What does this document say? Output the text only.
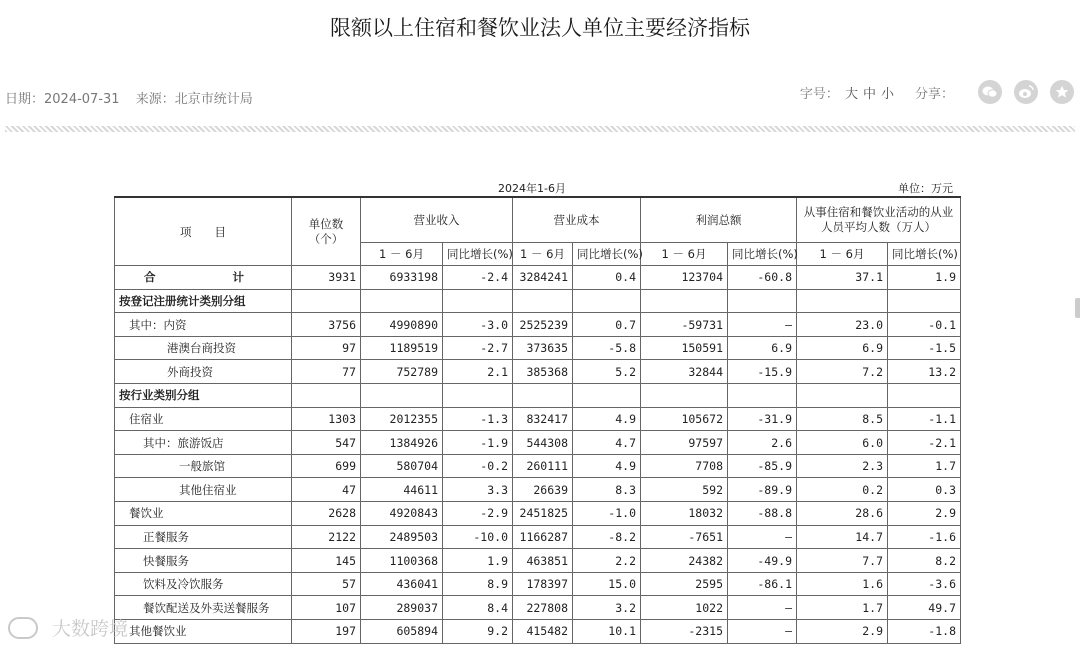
限额以上住宿和餐饮业法人单位主要经济指标
日期：2024-07-31 来源：北京市统计局	字号： 大 中 小 分享：
2024年1-6月	单位：万元
项　　目	单位数（个）	营业收入		营业成本		利润总额		从事住宿和餐饮业活动的从业人员平均人数（万人）	
		1 － 6月	同比增长(%)	1 － 6月	同比增长(%)	1 － 6月	同比增长(%)	1 － 6月	同比增长(%)
合　　计	3931	6933198	-2.4	3284241	0.4	123704	-60.8	37.1	1.9
按登记注册统计类别分组									
其中：内资	3756	4990890	-3.0	2525239	0.7	-59731	—	23.0	-0.1
港澳台商投资	97	1189519	-2.7	373635	-5.8	150591	6.9	6.9	-1.5
外商投资	77	752789	2.1	385368	5.2	32844	-15.9	7.2	13.2
按行业类别分组									
住宿业	1303	2012355	-1.3	832417	4.9	105672	-31.9	8.5	-1.1
其中：旅游饭店	547	1384926	-1.9	544308	4.7	97597	2.6	6.0	-2.1
一般旅馆	699	580704	-0.2	260111	4.9	7708	-85.9	2.3	1.7
其他住宿业	47	44611	3.3	26639	8.3	592	-89.9	0.2	0.3
餐饮业	2628	4920843	-2.9	2451825	-1.0	18032	-88.8	28.6	2.9
正餐服务	2122	2489503	-10.0	1166287	-8.2	-7651	—	14.7	-1.6
快餐服务	145	1100368	1.9	463851	2.2	24382	-49.9	7.7	8.2
饮料及冷饮服务	57	436041	8.9	178397	15.0	2595	-86.1	1.6	-3.6
餐饮配送及外卖送餐服务	107	289037	8.4	227808	3.2	1022	—	1.7	49.7
其他餐饮业	197	605894	9.2	415482	10.1	-2315	—	2.9	-1.8
大数跨境
